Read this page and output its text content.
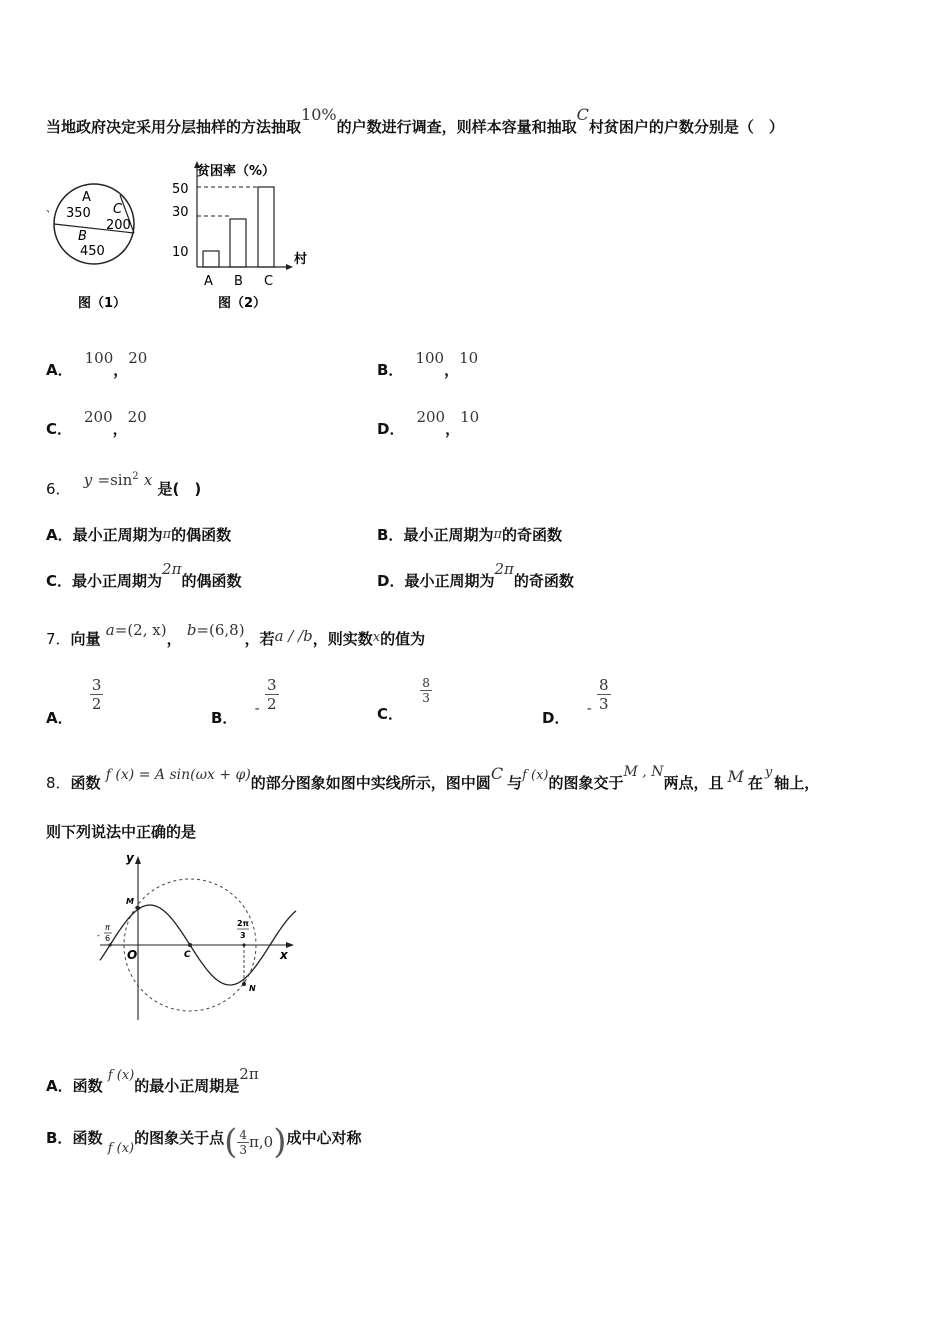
当地政府决定采用分层抽样的方法抽取10%的户数进行调查，则样本容量和抽取C村贫困户的户数分别是（　）
A
350 C
200
B
450
、
图（1）
贫困率（%）
村
50
30
10
A B C
图（2）
A．100，20
B．100，10
C．200，20
D．200，10
6． $y =\sin^2$ x 是(　)
A．最小正周期为π的偶函数	B．最小正周期为π的奇函数
C．最小正周期为2π的偶函数	D．最小正周期为2π的奇函数
7．向量 a=(2, x)， b=(6,8)，若a / /b，则实数x的值为
A．
$\frac{3}{2}$
B． - $\frac{3}{2}$
C．
$\frac{8}{3}$
D． - $\frac{8}{3}$
8．函数 f (x) = A sin(ωx + φ)的部分图象如图中实线所示，图中圆C 与f (x)的图象交于M , N两点，且 M 在y轴上，
则下列说法中正确的是
y
x
O
M
N
C
-
π
6
2π
3
A．函数 f (x)的最小正周期是2π
B．函数 f (x)的图象关于点( $\frac{4}{3} \pi,0$)成中心对称
